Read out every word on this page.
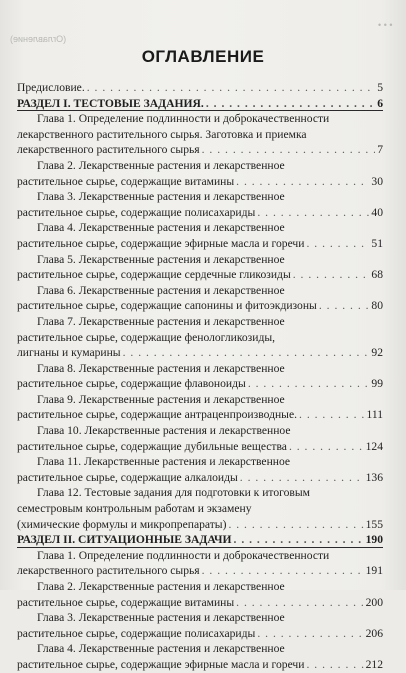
(Оглавление)
• • •
ОГЛАВЛЕНИЕ
Предисловие. . . .	5
РАЗДЕЛ I. ТЕСТОВЫЕ ЗАДАНИЯ. . . .	6
Глава 1. Определение подлинности и доброкачественности
лекарственного растительного сырья. Заготовка и приемка
лекарственного растительного сырья . . .	7
Глава 2. Лекарственные растения и лекарственное
растительное сырье, содержащие витамины . . .	30
Глава 3. Лекарственные растения и лекарственное
растительное сырье, содержащие полисахариды . . .	40
Глава 4. Лекарственные растения и лекарственное
растительное сырье, содержащие эфирные масла и горечи . . .	51
Глава 5. Лекарственные растения и лекарственное
растительное сырье, содержащие сердечные гликозиды . . .	68
Глава 6. Лекарственные растения и лекарственное
растительное сырье, содержащие сапонины и фитоэкдизоны . . .	80
Глава 7. Лекарственные растения и лекарственное
растительное сырье, содержащие фенологликозиды,
лигнаны и кумарины . . .	92
Глава 8. Лекарственные растения и лекарственное
растительное сырье, содержащие флавоноиды . . .	99
Глава 9. Лекарственные растения и лекарственное
растительное сырье, содержащие антраценпроизводные. . . .	111
Глава 10. Лекарственные растения и лекарственное
растительное сырье, содержащие дубильные вещества . . .	124
Глава 11. Лекарственные растения и лекарственное
растительное сырье, содержащие алкалоиды . . .	136
Глава 12. Тестовые задания для подготовки к итоговым
семестровым контрольным работам и экзамену
(химические формулы и микропрепараты) . . .	155
РАЗДЕЛ II. СИТУАЦИОННЫЕ ЗАДАЧИ . . .	190
Глава 1. Определение подлинности и доброкачественности
лекарственного растительного сырья . . .	191
Глава 2. Лекарственные растения и лекарственное
растительное сырье, содержащие витамины . . .	200
Глава 3. Лекарственные растения и лекарственное
растительное сырье, содержащие полисахариды . . .	206
Глава 4. Лекарственные растения и лекарственное
растительное сырье, содержащие эфирные масла и горечи . . .	212
